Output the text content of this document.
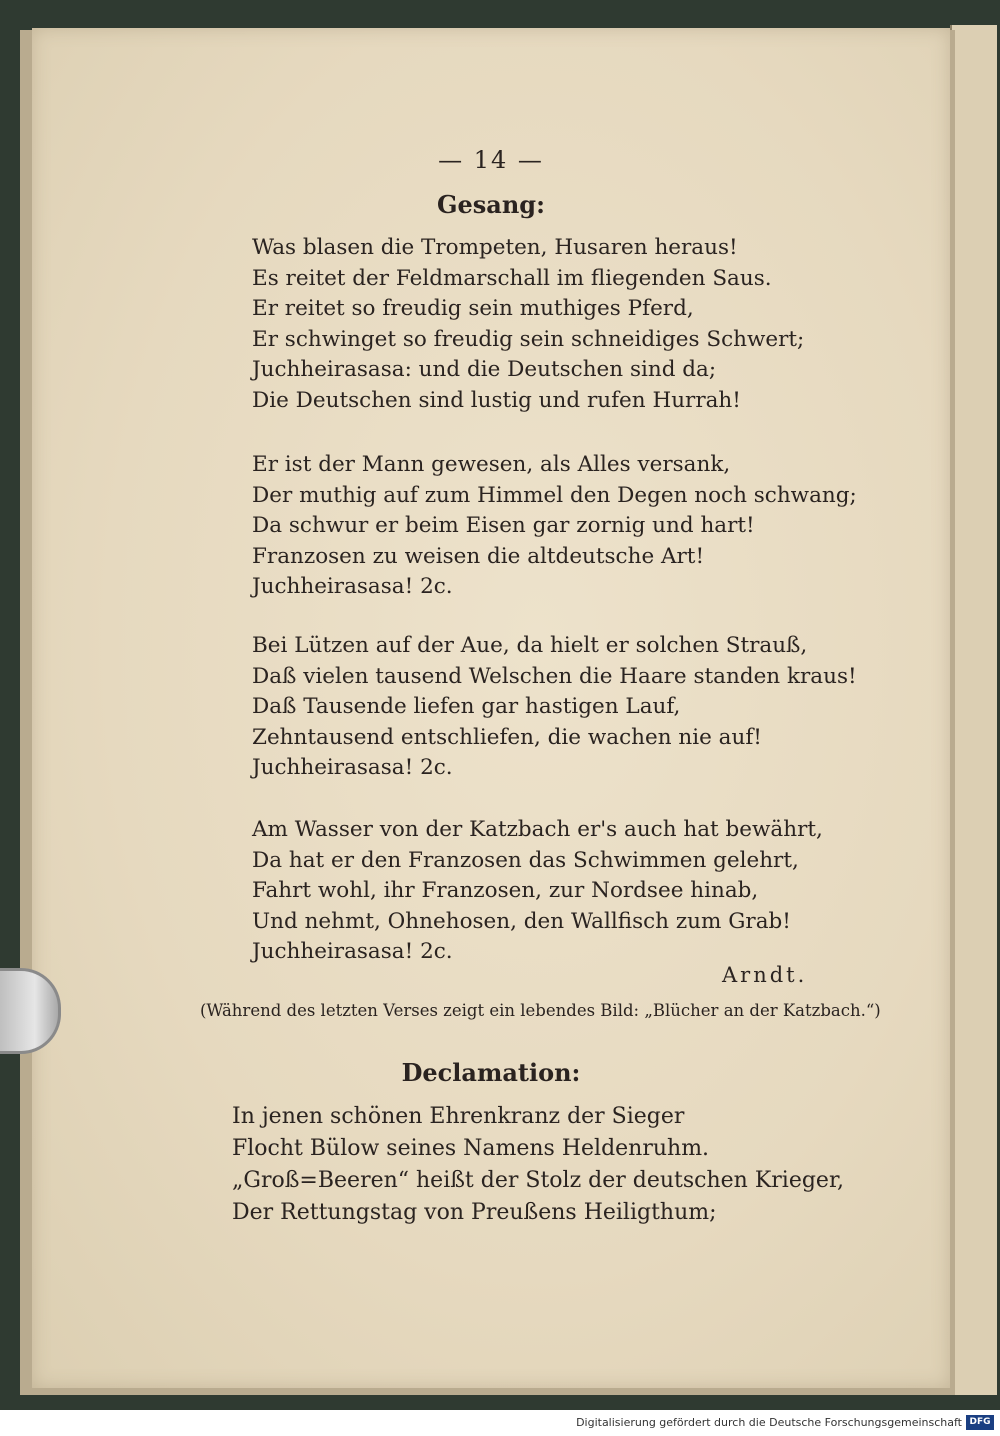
— 14 —
Gesang:
Was blasen die Trompeten, Husaren heraus!
Es reitet der Feldmarschall im fliegenden Saus.
Er reitet so freudig sein muthiges Pferd,
Er schwinget so freudig sein schneidiges Schwert;
Juchheirasasa: und die Deutschen sind da;
Die Deutschen sind lustig und rufen Hurrah!
Er ist der Mann gewesen, als Alles versank,
Der muthig auf zum Himmel den Degen noch schwang;
Da schwur er beim Eisen gar zornig und hart!
Franzosen zu weisen die altdeutsche Art!
Juchheirasasa! 2c.
Bei Lützen auf der Aue, da hielt er solchen Strauß,
Daß vielen tausend Welschen die Haare standen kraus!
Daß Tausende liefen gar hastigen Lauf,
Zehntausend entschliefen, die wachen nie auf!
Juchheirasasa! 2c.
Am Wasser von der Katzbach er's auch hat bewährt,
Da hat er den Franzosen das Schwimmen gelehrt,
Fahrt wohl, ihr Franzosen, zur Nordsee hinab,
Und nehmt, Ohnehosen, den Wallfisch zum Grab!
Juchheirasasa! 2c.
Arndt.
(Während des letzten Verses zeigt ein lebendes Bild: „Blücher an der Katzbach.“)
Declamation:
In jenen schönen Ehrenkranz der Sieger
Flocht Bülow seines Namens Heldenruhm.
„Groß=Beeren“ heißt der Stolz der deutschen Krieger,
Der Rettungstag von Preußens Heiligthum;
Digitalisierung gefördert durch die Deutsche Forschungsgemeinschaft DFG
